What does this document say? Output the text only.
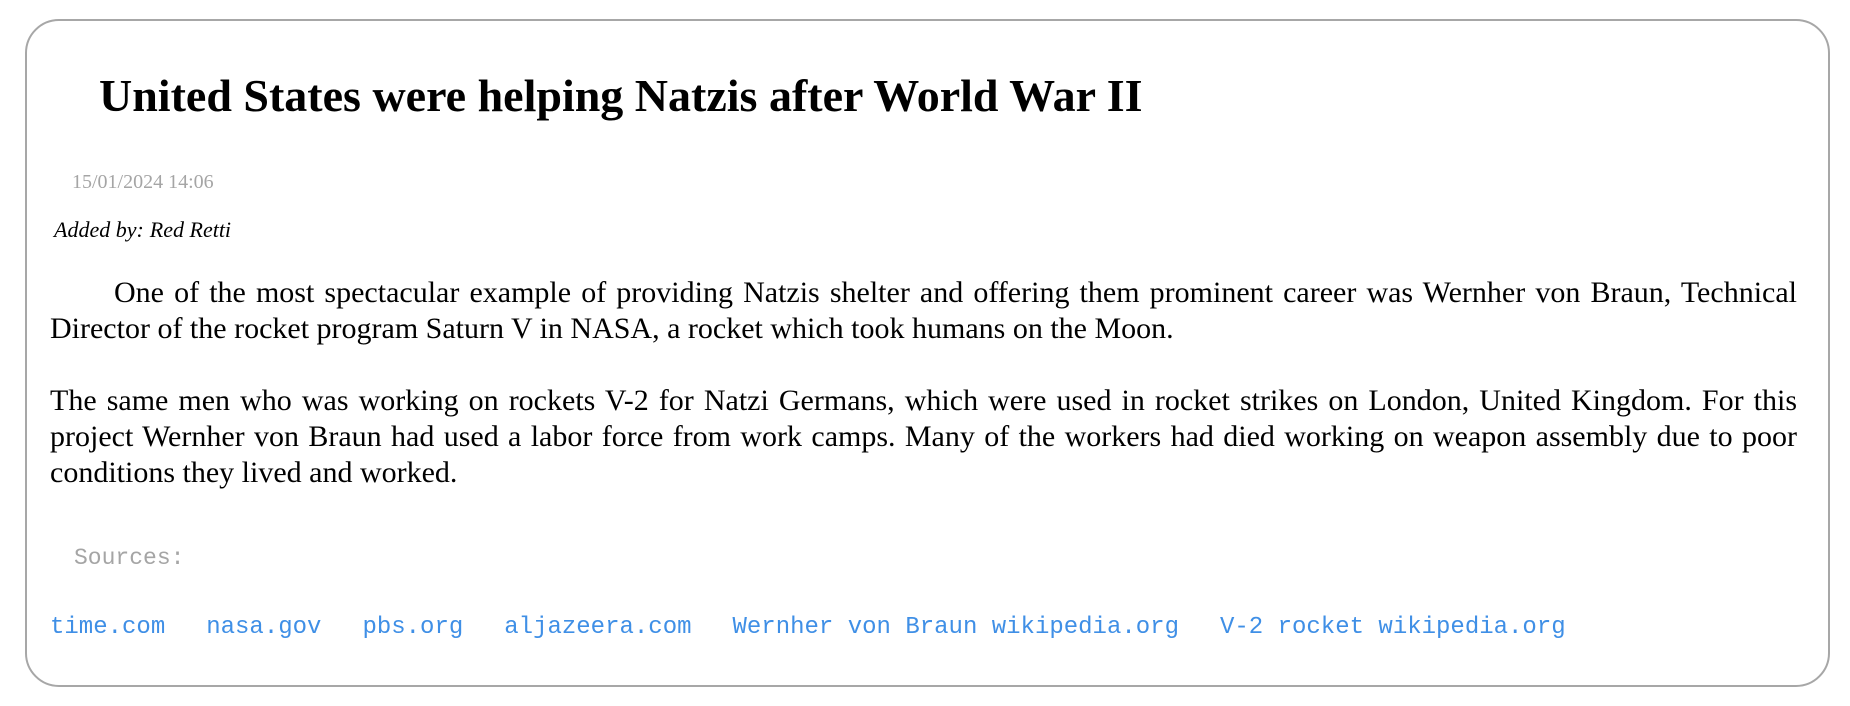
United States were helping Natzis after World War II
15/01/2024 14:06
Added by: Red Retti

One of the most spectacular example of providing Natzis shelter and offering them prominent career was Wernher von Braun, Technical Director of the rocket program Saturn V in NASA, a rocket which took humans on the Moon.

The same men who was working on rockets V-2 for Natzi Germans, which were used in rocket strikes on London, United Kingdom. For this project Wernher von Braun had used a labor force from work camps. Many of the workers had died working on weapon assembly due to poor conditions they lived and worked.

Sources:
time.com nasa.gov pbs.org aljazeera.com Wernher von Braun wikipedia.org V-2 rocket wikipedia.org
